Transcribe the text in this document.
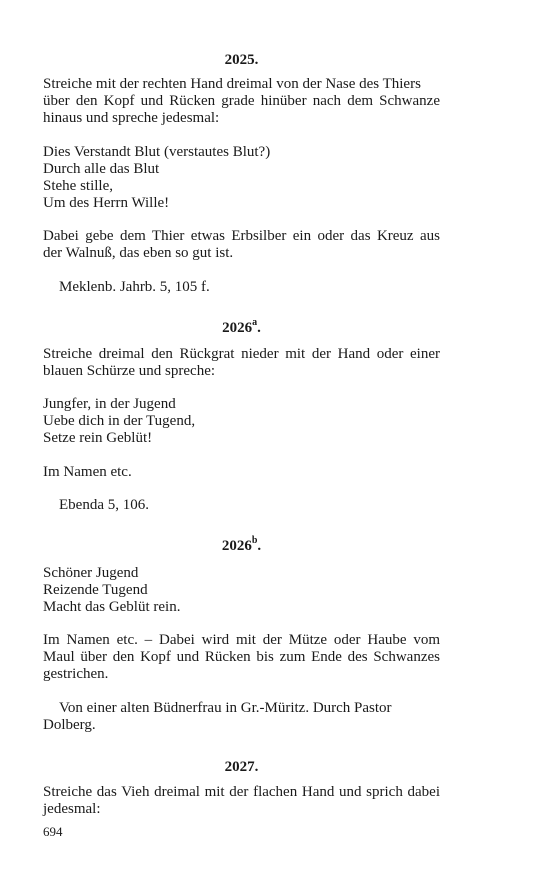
2025.
Streiche mit der rechten Hand dreimal von der Nase des Thiers
über den Kopf und Rücken grade hinüber nach dem Schwanze
hinaus und spreche jedesmal:
Dies Verstandt Blut (verstautes Blut?)
Durch alle das Blut
Stehe stille,
Um des Herrn Wille!
Dabei gebe dem Thier etwas Erbsilber ein oder das Kreuz aus
der Walnuß, das eben so gut ist.
Meklenb. Jahrb. 5, 105 f.
2026$^a$.
Streiche dreimal den Rückgrat nieder mit der Hand oder einer
blauen Schürze und spreche:
Jungfer, in der Jugend
Uebe dich in der Tugend,
Setze rein Geblüt!
Im Namen etc.
Ebenda 5, 106.
2026$^b$.
Schöner Jugend
Reizende Tugend
Macht das Geblüt rein.
Im Namen etc. – Dabei wird mit der Mütze oder Haube vom
Maul über den Kopf und Rücken bis zum Ende des Schwanzes
gestrichen.
Von einer alten Büdnerfrau in Gr.-Müritz. Durch Pastor
Dolberg.
2027.
Streiche das Vieh dreimal mit der flachen Hand und sprich dabei
jedesmal:
694
